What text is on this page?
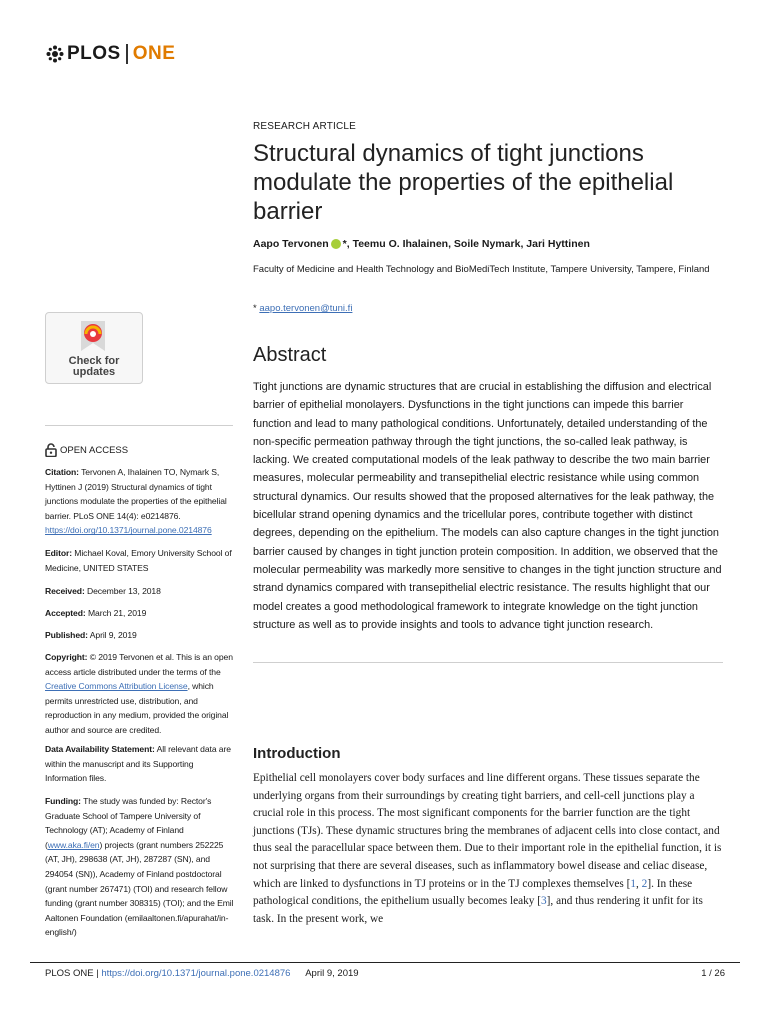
PLOS ONE
RESEARCH ARTICLE
Structural dynamics of tight junctions modulate the properties of the epithelial barrier
Aapo Tervonen * , Teemu O. Ihalainen, Soile Nymark, Jari Hyttinen
Faculty of Medicine and Health Technology and BioMediTech Institute, Tampere University, Tampere, Finland
* aapo.tervonen@tuni.fi
Abstract
Tight junctions are dynamic structures that are crucial in establishing the diffusion and electrical barrier of epithelial monolayers. Dysfunctions in the tight junctions can impede this barrier function and lead to many pathological conditions. Unfortunately, detailed understanding of the non-specific permeation pathway through the tight junctions, the so-called leak pathway, is lacking. We created computational models of the leak pathway to describe the two main barrier measures, molecular permeability and transepithelial electric resistance while using common structural dynamics. Our results showed that the proposed alternatives for the leak pathway, the bicellular strand opening dynamics and the tricellular pores, contribute together with distinct degrees, depending on the epithelium. The models can also capture changes in the tight junction barrier caused by changes in tight junction protein composition. In addition, we observed that the molecular permeability was markedly more sensitive to changes in the tight junction structure and strand dynamics compared with transepithelial electric resistance. The results highlight that our model creates a good methodological framework to integrate knowledge on the tight junction structure as well as to provide insights and tools to advance tight junction research.
Introduction
Epithelial cell monolayers cover body surfaces and line different organs. These tissues separate the underlying organs from their surroundings by creating tight barriers, and cell-cell junctions play a crucial role in this process. The most significant components for the barrier function are the tight junctions (TJs). These dynamic structures bring the membranes of adjacent cells into close contact, and thus seal the paracellular space between them. Due to their important role in the epithelial function, it is not surprising that there are several diseases, such as inflammatory bowel disease and celiac disease, which are linked to dysfunctions in TJ proteins or in the TJ complexes themselves [1, 2]. In these pathological conditions, the epithelium usually becomes leaky [3], and thus rendering it unfit for its task. In the present work, we
Check for
updates
OPEN ACCESS
Citation: Tervonen A, Ihalainen TO, Nymark S, Hyttinen J (2019) Structural dynamics of tight junctions modulate the properties of the epithelial barrier. PLoS ONE 14(4): e0214876. https://doi.org/10.1371/journal.pone.0214876
Editor: Michael Koval, Emory University School of Medicine, UNITED STATES
Received: December 13, 2018
Accepted: March 21, 2019
Published: April 9, 2019
Copyright: © 2019 Tervonen et al. This is an open access article distributed under the terms of the Creative Commons Attribution License, which permits unrestricted use, distribution, and reproduction in any medium, provided the original author and source are credited.
Data Availability Statement: All relevant data are within the manuscript and its Supporting Information files.
Funding: The study was funded by: Rector's Graduate School of Tampere University of Technology (AT); Academy of Finland (www.aka.fi/en) projects (grant numbers 252225 (AT, JH), 298638 (AT, JH), 287287 (SN), and 294054 (SN)), Academy of Finland postdoctoral (grant number 267471) (TOI) and research fellow funding (grant number 308315) (TOI); and the Emil Aaltonen Foundation (emilaaltonen.fi/apurahat/in-english/)
PLOS ONE | https://doi.org/10.1371/journal.pone.0214876 April 9, 2019	1 / 26
